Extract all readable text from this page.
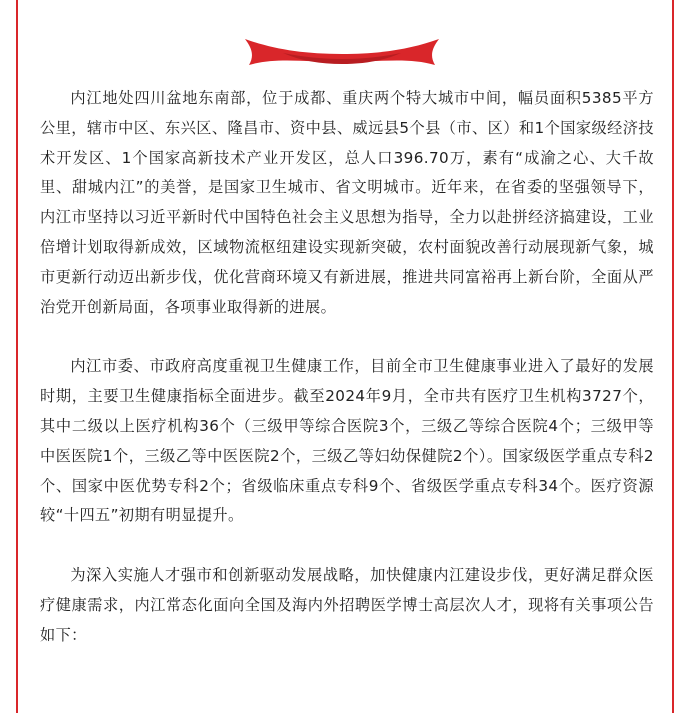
内江地处四川盆地东南部，位于成都、重庆两个特大城市中间，幅员面积5385平方公里，辖市中区、东兴区、隆昌市、资中县、威远县5个县（市、区）和1个国家级经济技术开发区、1个国家高新技术产业开发区，总人口396.70万，素有“成渝之心、大千故里、甜城内江”的美誉，是国家卫生城市、省文明城市。近年来，在省委的坚强领导下，内江市坚持以习近平新时代中国特色社会主义思想为指导，全力以赴拼经济搞建设，工业倍增计划取得新成效，区域物流枢纽建设实现新突破，农村面貌改善行动展现新气象，城市更新行动迈出新步伐，优化营商环境又有新进展，推进共同富裕再上新台阶，全面从严治党开创新局面，各项事业取得新的进展。

内江市委、市政府高度重视卫生健康工作，目前全市卫生健康事业进入了最好的发展时期，主要卫生健康指标全面进步。截至2024年9月，全市共有医疗卫生机构3727个，其中二级以上医疗机构36个（三级甲等综合医院3个，三级乙等综合医院4个；三级甲等中医医院1个，三级乙等中医医院2个，三级乙等妇幼保健院2个）。国家级医学重点专科2个、国家中医优势专科2个；省级临床重点专科9个、省级医学重点专科34个。医疗资源较“十四五”初期有明显提升。

为深入实施人才强市和创新驱动发展战略，加快健康内江建设步伐，更好满足群众医疗健康需求，内江常态化面向全国及海内外招聘医学博士高层次人才，现将有关事项公告如下：
